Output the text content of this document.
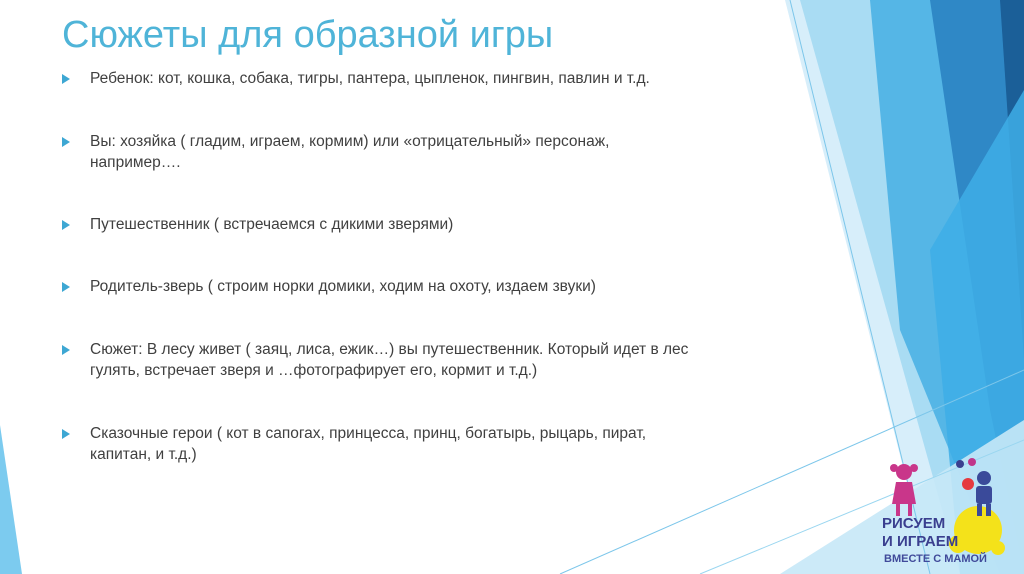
Сюжеты для образной игры
Ребенок: кот, кошка, собака, тигры, пантера, цыпленок, пингвин, павлин и т.д.
Вы: хозяйка ( гладим, играем, кормим) или «отрицательный» персонаж,
например….
Путешественник ( встречаемся с дикими зверями)
Родитель-зверь ( строим норки домики, ходим на охоту, издаем звуки)
Сюжет: В лесу живет ( заяц, лиса, ежик…) вы путешественник. Который идет в лес
гулять, встречает зверя и …фотографирует его, кормит и т.д.)
Сказочные герои ( кот в сапогах, принцесса, принц, богатырь, рыцарь, пират,
капитан, и т.д.)
РИСУЕМ
И ИГРАЕМ
ВМЕСТЕ С МАМОЙ
